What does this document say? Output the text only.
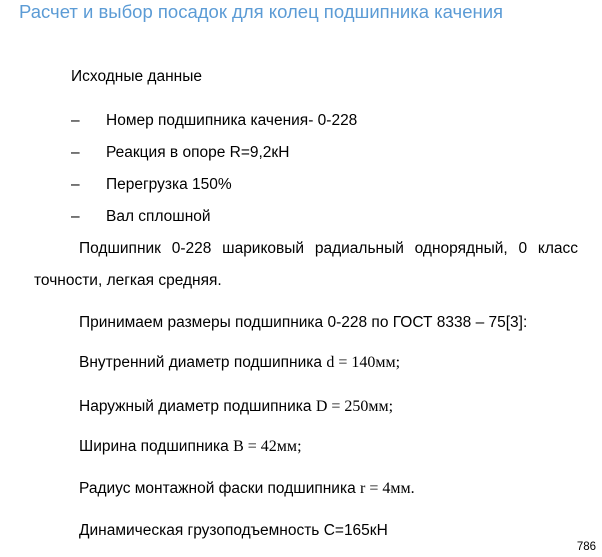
Расчет и выбор посадок для колец подшипника качения
Исходные данные
– Номер подшипника качения- 0-228
– Реакция в опоре R=9,2кН
– Перегрузка 150%
– Вал сплошной
Подшипник 0-228 шариковый радиальный однорядный, 0 класс
точности, легкая средняя.
Принимаем размеры подшипника 0-228 по ГОСТ 8338 – 75[3]:
Внутренний диаметр подшипника d = 140мм;
Наружный диаметр подшипника D = 250мм;
Ширина подшипника B = 42мм;
Радиус монтажной фаски подшипника r = 4мм.
Динамическая грузоподъемность С=165кН
786
